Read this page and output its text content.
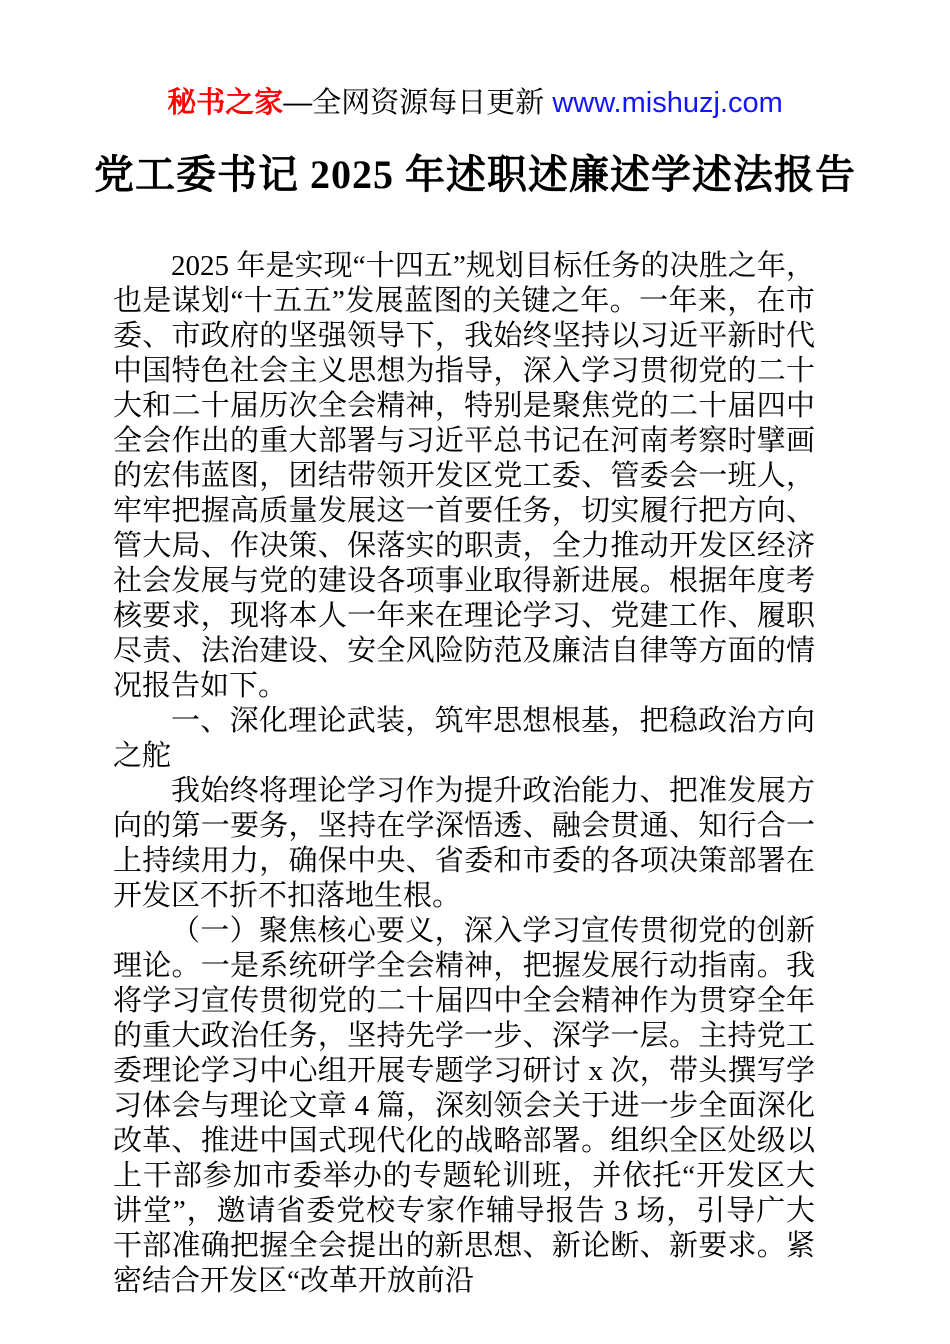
秘书之家—全网资源每日更新 www.mishuzj.com
党工委书记 2025 年述职述廉述学述法报告

2025 年是实现“十四五”规划目标任务的决胜之年，也是谋划“十五五”发展蓝图的关键之年。一年来，在市委、市政府的坚强领导下，我始终坚持以习近平新时代中国特色社会主义思想为指导，深入学习贯彻党的二十大和二十届历次全会精神，特别是聚焦党的二十届四中全会作出的重大部署与习近平总书记在河南考察时擘画的宏伟蓝图，团结带领开发区党工委、管委会一班人，牢牢把握高质量发展这一首要任务，切实履行把方向、管大局、作决策、保落实的职责，全力推动开发区经济社会发展与党的建设各项事业取得新进展。根据年度考核要求，现将本人一年来在理论学习、党建工作、履职尽责、法治建设、安全风险防范及廉洁自律等方面的情况报告如下。

一、深化理论武装，筑牢思想根基，把稳政治方向之舵

我始终将理论学习作为提升政治能力、把准发展方向的第一要务，坚持在学深悟透、融会贯通、知行合一上持续用力，确保中央、省委和市委的各项决策部署在开发区不折不扣落地生根。

（一）聚焦核心要义，深入学习宣传贯彻党的创新理论。一是系统研学全会精神，把握发展行动指南。我将学习宣传贯彻党的二十届四中全会精神作为贯穿全年的重大政治任务，坚持先学一步、深学一层。主持党工委理论学习中心组开展专题学习研讨 x 次，带头撰写学习体会与理论文章 4 篇，深刻领会关于进一步全面深化改革、推进中国式现代化的战略部署。组织全区处级以上干部参加市委举办的专题轮训班，并依托“开发区大讲堂”，邀请省委党校专家作辅导报告 3 场，引导广大干部准确把握全会提出的新思想、新论断、新要求。紧密结合开发区“改革开放前沿
